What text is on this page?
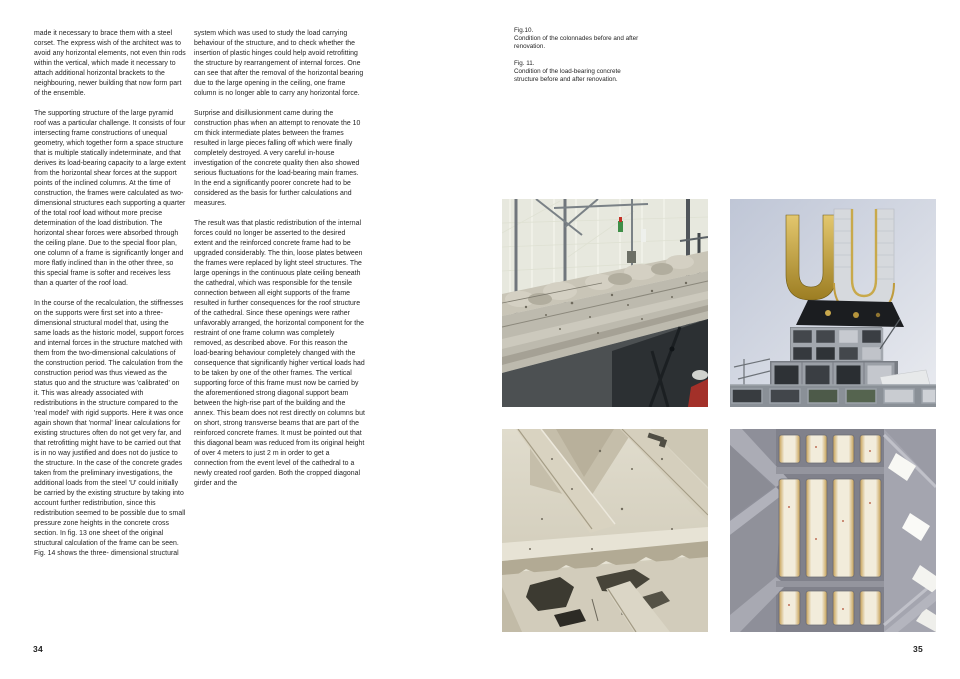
made it necessary to brace them with a steel corset. The express wish of the architect was to avoid any horizontal elements, not even thin rods within the vertical, which made it necessary to attach additional horizontal brackets to the neighbouring, newer building that now form part of the ensemble.

The supporting structure of the large pyramid roof was a particular challenge. It consists of four intersecting frame constructions of unequal geometry, which together form a space structure that is multiple statically indeterminate, and that derives its load-bearing capacity to a large extent from the horizontal shear forces at the support points of the inclined columns. At the time of construction, the frames were calculated as two-dimensional structures each supporting a quarter of the total roof load without more precise determination of the load distribution. The horizontal shear forces were absorbed through the ceiling plane. Due to the special floor plan, one column of a frame is significantly longer and more flatly inclined than in the other three, so this special frame is softer and receives less than a quarter of the roof load.

In the course of the recalculation, the stiffnesses on the supports were first set into a three-dimensional structural model that, using the same loads as the historic model, support forces and internal forces in the structure matched with them from the two-dimensional calculations of the construction period. The calculation from the construction period was thus viewed as the status quo and the structure was 'calibrated' on it. This was already associated with redistributions in the structure compared to the 'real model' with rigid supports. Here it was once again shown that 'normal' linear calculations for existing structures often do not get very far, and that retrofitting might have to be carried out that is in no way justified and does not do justice to the structure. In the case of the concrete grades taken from the preliminary investigations, the additional loads from the steel 'U' could initially be carried by the existing structure by taking into account further redistribution, since this redistribution seemed to be possible due to small pressure zone heights in the concrete cross section. In fig. 13 one sheet of the original structural calculation of the frame can be seen. Fig. 14 shows the three- dimensional structural

system which was used to study the load carrying behaviour of the structure, and to check whether the insertion of plastic hinges could help avoid retrofitting the structure by rearrangement of internal forces. One can see that after the removal of the horizontal bearing due to the large opening in the ceiling, one frame column is no longer able to carry any horizontal force.

Surprise and disillusionment came during the construction phas when an attempt to renovate the 10 cm thick intermediate plates between the frames resulted in large pieces falling off which were finally completely destroyed. A very careful in-house investigation of the concrete quality then also showed serious fluctuations for the load-bearing main frames. In the end a significantly poorer concrete had to be considered as the basis for further calculations and measures.

The result was that plastic redistribution of the internal forces could no longer be asserted to the desired extent and the reinforced concrete frame had to be upgraded considerably. The thin, loose plates between the frames were replaced by light steel structures. The large openings in the continuous plate ceiling beneath the cathedral, which was responsible for the tensile connection between all eight supports of the frame resulted in further consequences for the roof structure of the cathedral. Since these openings were rather unfavorably arranged, the horizontal component for the restraint of one frame column was completely removed, as described above. For this reason the load-bearing behaviour completely changed with the consequence that significantly higher vertical loads had to be taken by one of the other frames. The vertical supporting force of this frame must now be carried by the aforementioned strong diagonal support beam between the high-rise part of the building and the annex. This beam does not rest directly on columns but on short, strong transverse beams that are part of the reinforced concrete frames. It must be pointed out that this diagonal beam was reduced from its original height of over 4 meters to just 2 m in order to get a connection from the event level of the cathedral to a newly created roof garden. Both the cropped diagonal girder and the

34
Fig.10.
Condition of the colonnades before and after renovation.
Fig. 11.
Condition of the load-bearing concrete structure before and after renovation.
35
